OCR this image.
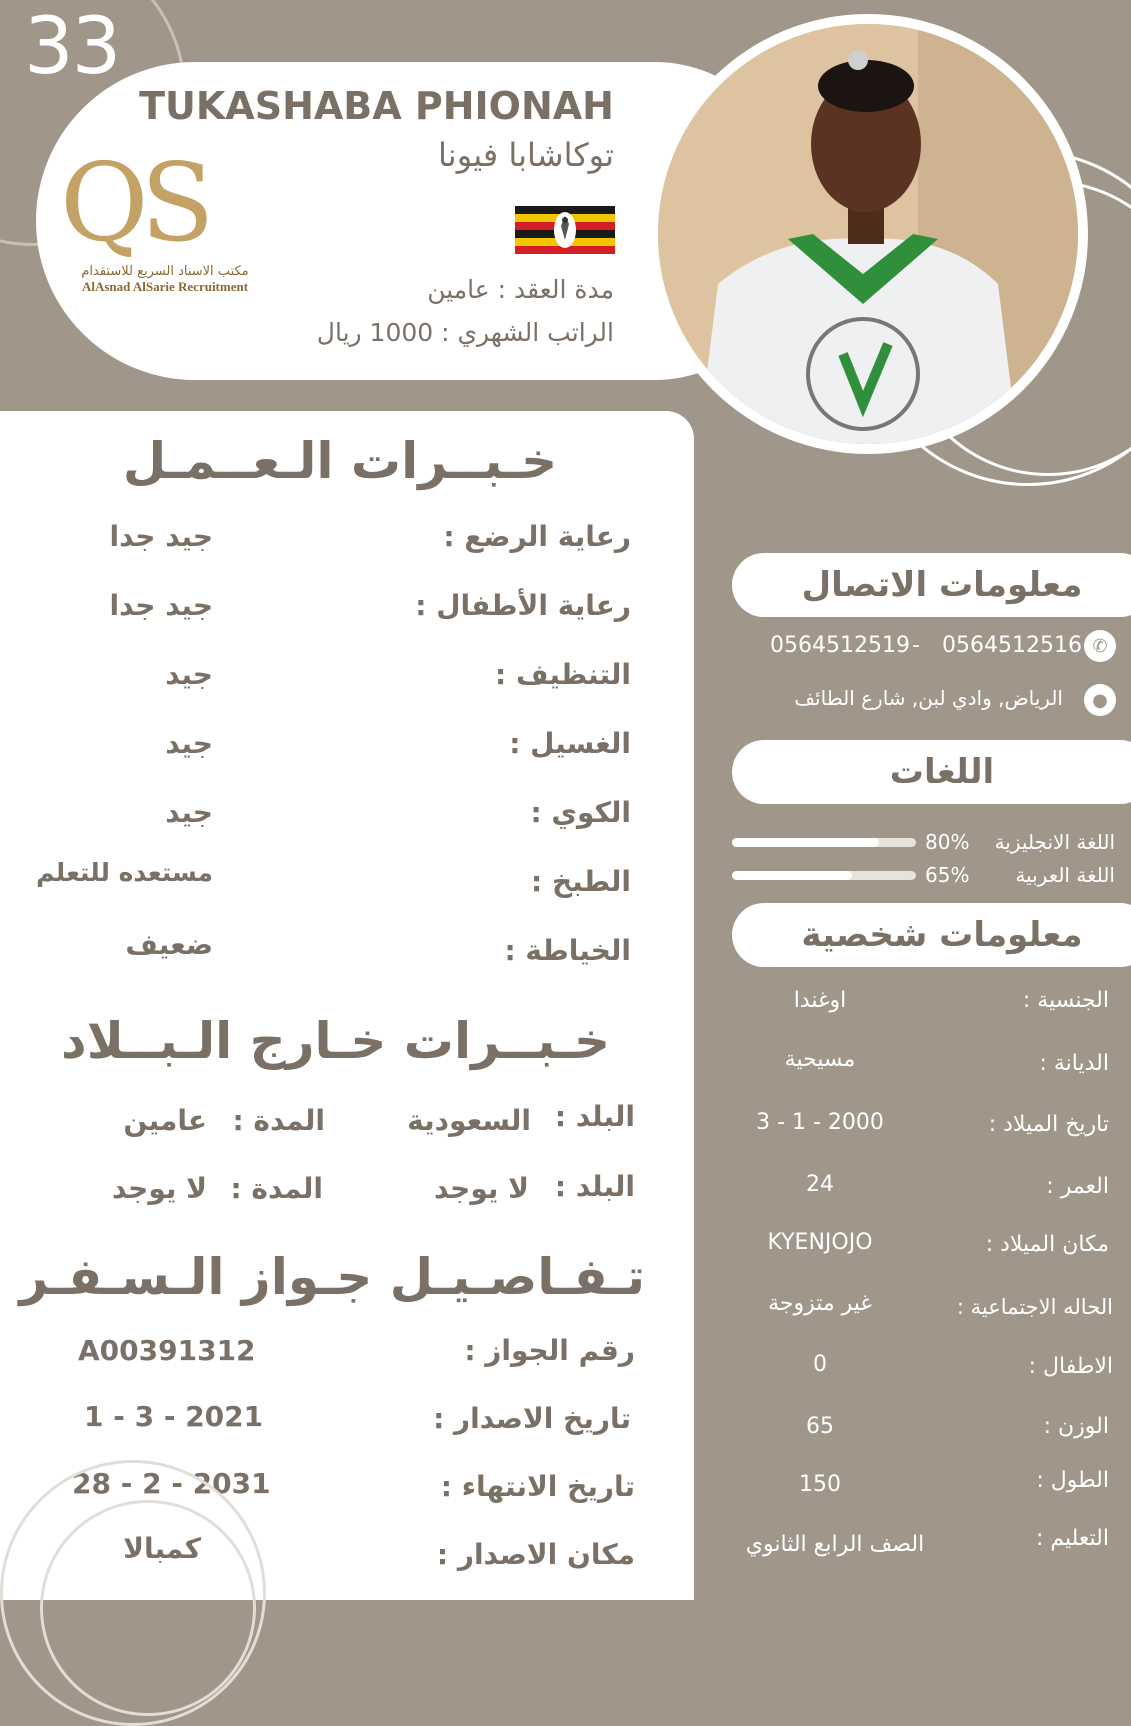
33
QS
مكتب الاسناد السريع للاستقدام
AlAsnad AlSarie Recruitment
TUKASHABA PHIONAH
توكاشابا فيونا
مدة العقد : عامين
الراتب الشهري : 1000 ريال
خـبــرات الـعــمـل
رعاية الرضع :
جيد جدا
رعاية الأطفال :
جيد جدا
التنظيف :
جيد
الغسيل :
جيد
الكوي :
جيد
الطبخ :
مستعده للتعلم
الخياطة :
ضعيف
خـبــرات خـارج الـبــلاد
البلد :
السعودية
المدة :
عامين
البلد :
لا يوجد
المدة :
لا يوجد
تـفـاصـيـل جـواز الـسـفـر
رقم الجواز :
A00391312
تاريخ الاصدار :
1 - 3 - 2021
تاريخ الانتهاء :
28 - 2 - 2031
مكان الاصدار :
كمبالا
معلومات الاتصال
✆
0564512516
-
0564512519
●
الرياض, وادي لبن, شارع الطائف
اللغات
اللغة الانجليزية
80%
اللغة العربية
65%
معلومات شخصية
الجنسية :
اوغندا
الديانة :
مسيحية
تاريخ الميلاد :
3 - 1 - 2000
العمر :
24
مكان الميلاد :
KYENJOJO
الحاله الاجتماعية :
غير متزوجة
الاطفال :
0
الوزن :
65
الطول :
150
التعليم :
الصف الرابع الثانوي
